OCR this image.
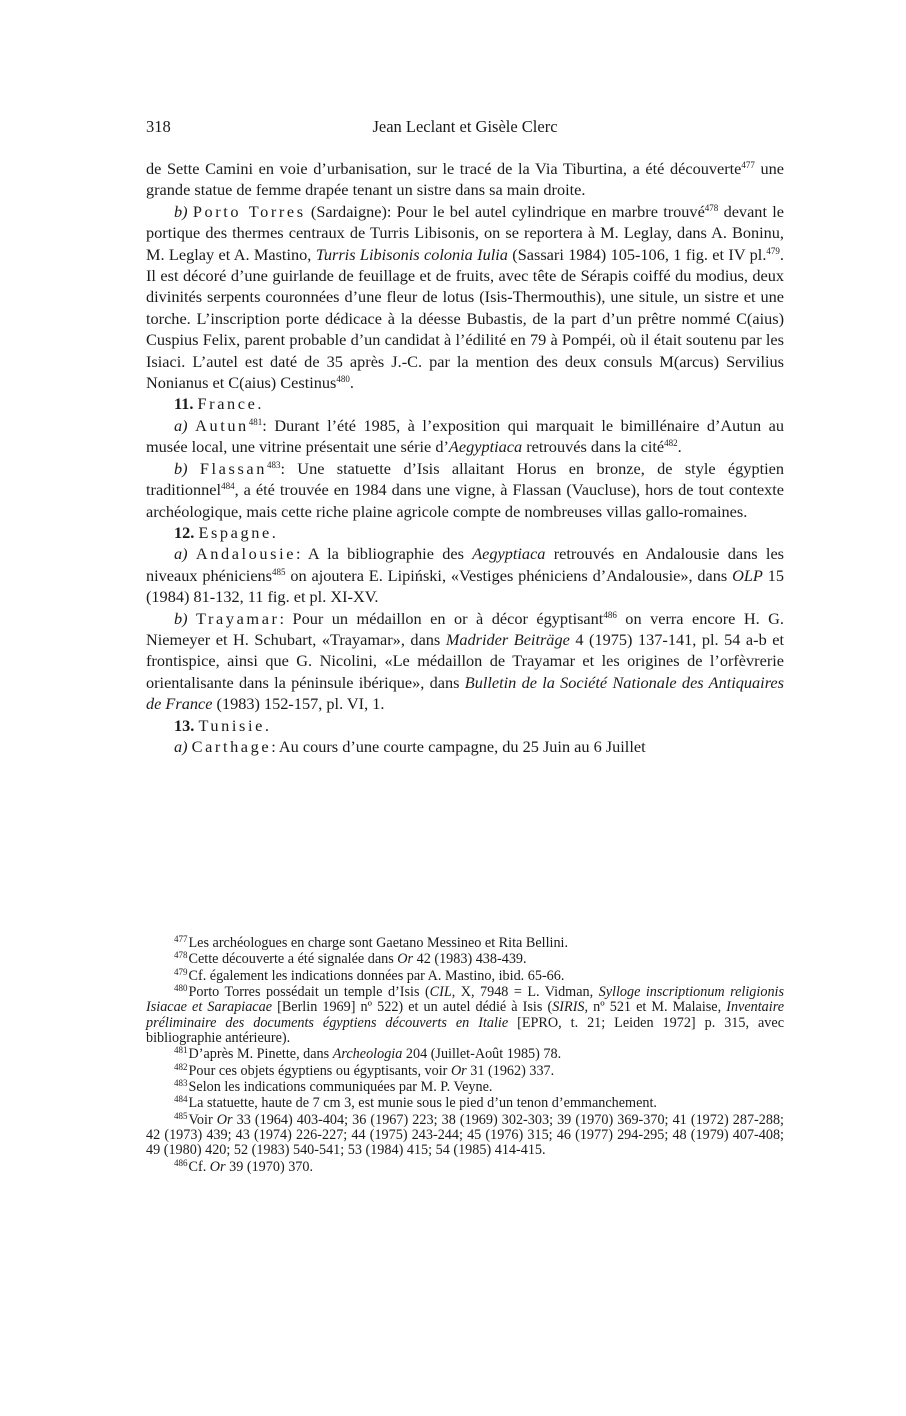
318	Jean Leclant et Gisèle Clerc

de Sette Camini en voie d’urbanisation, sur le tracé de la Via Tiburtina, a été découverte$^{477}$ une grande statue de femme drapée tenant un sistre dans sa main droite.

b) Porto Torres (Sardaigne): Pour le bel autel cylindrique en marbre trouvé$^{478}$ devant le portique des thermes centraux de Turris Libisonis, on se reportera à M. Leglay, dans A. Boninu, M. Leglay et A. Mastino, Turris Libisonis colonia Iulia (Sassari 1984) 105-106, 1 fig. et IV pl.$^{479}$. Il est décoré d’une guirlande de feuillage et de fruits, avec tête de Sérapis coiffé du modius, deux divinités serpents couronnées d’une fleur de lotus (Isis-Thermouthis), une situle, un sistre et une torche. L’inscription porte dédicace à la déesse Bubastis, de la part d’un prêtre nommé C(aius) Cuspius Felix, parent probable d’un candidat à l’édilité en 79 à Pompéi, où il était soutenu par les Isiaci. L’autel est daté de 35 après J.-C. par la mention des deux consuls M(arcus) Servilius Nonianus et C(aius) Cestinus$^{480}$.

11. France.

a) Autun$^{481}$: Durant l’été 1985, à l’exposition qui marquait le bimillénaire d’Autun au musée local, une vitrine présentait une série d’Aegyptiaca retrouvés dans la cité$^{482}$.

b) Flassan$^{483}$: Une statuette d’Isis allaitant Horus en bronze, de style égyptien traditionnel$^{484}$, a été trouvée en 1984 dans une vigne, à Flassan (Vaucluse), hors de tout contexte archéologique, mais cette riche plaine agricole compte de nombreuses villas gallo-romaines.

12. Espagne.

a) Andalousie: A la bibliographie des Aegyptiaca retrouvés en Andalousie dans les niveaux phéniciens$^{485}$ on ajoutera E. Lipiński, «Vestiges phéniciens d’Andalousie», dans OLP 15 (1984) 81-132, 11 fig. et pl. XI-XV.

b) Trayamar: Pour un médaillon en or à décor égyptisant$^{486}$ on verra encore H. G. Niemeyer et H. Schubart, «Trayamar», dans Madrider Beiträge 4 (1975) 137-141, pl. 54 a-b et frontispice, ainsi que G. Nicolini, «Le médaillon de Trayamar et les origines de l’orfèvrerie orientalisante dans la péninsule ibérique», dans Bulletin de la Société Nationale des Antiquaires de France (1983) 152-157, pl. VI, 1.

13. Tunisie.

a) Carthage: Au cours d’une courte campagne, du 25 Juin au 6 Juillet

$^{477}$Les archéologues en charge sont Gaetano Messineo et Rita Bellini.

$^{478}$Cette découverte a été signalée dans Or 42 (1983) 438-439.

$^{479}$Cf. également les indications données par A. Mastino, ibid. 65-66.

$^{480}$Porto Torres possédait un temple d’Isis (CIL, X, 7948 = L. Vidman, Sylloge inscriptionum religionis Isiacae et Sarapiacae [Berlin 1969] nº 522) et un autel dédié à Isis (SIRIS, nº 521 et M. Malaise, Inventaire préliminaire des documents égyptiens découverts en Italie [EPRO, t. 21; Leiden 1972] p. 315, avec bibliographie antérieure).

$^{481}$D’après M. Pinette, dans Archeologia 204 (Juillet-Août 1985) 78.

$^{482}$Pour ces objets égyptiens ou égyptisants, voir Or 31 (1962) 337.

$^{483}$Selon les indications communiquées par M. P. Veyne.

$^{484}$La statuette, haute de 7 cm 3, est munie sous le pied d’un tenon d’emmanchement.

$^{485}$Voir Or 33 (1964) 403-404; 36 (1967) 223; 38 (1969) 302-303; 39 (1970) 369-370; 41 (1972) 287-288; 42 (1973) 439; 43 (1974) 226-227; 44 (1975) 243-244; 45 (1976) 315; 46 (1977) 294-295; 48 (1979) 407-408; 49 (1980) 420; 52 (1983) 540-541; 53 (1984) 415; 54 (1985) 414-415.

$^{486}$Cf. Or 39 (1970) 370.
